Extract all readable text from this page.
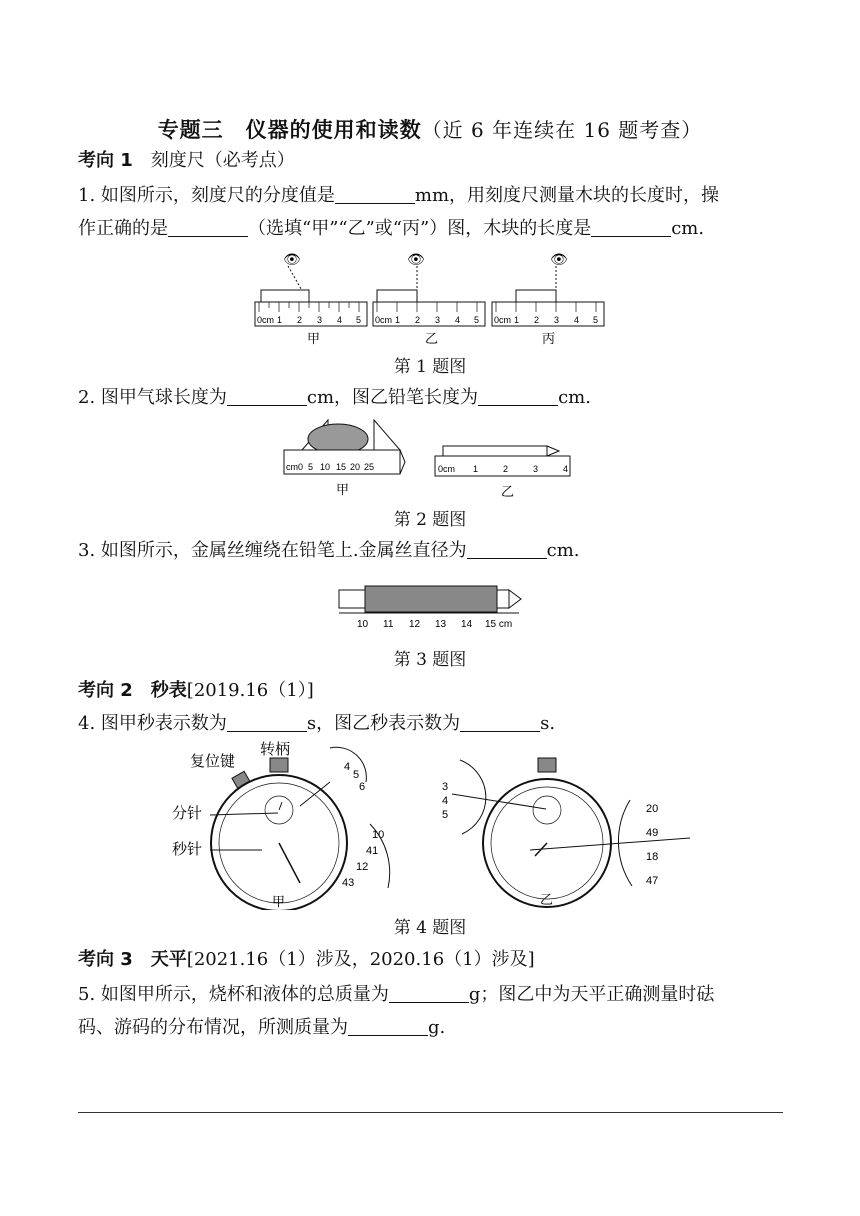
专题三　仪器的使用和读数（近 6 年连续在 16 题考查）
考向 1　 刻度尺（必考点）
1. 如图所示，刻度尺的分度值是	mm，用刻度尺测量木块的长度时，操
作正确的是	（选填“甲”“乙”或“丙”）图，木块的长度是	cm.
👁
0cm 1 2 3 4 5
甲
👁
0cm 1 2 3 4 5
乙
👁
0cm 1 2 3 4 5
丙
第 1 题图
2. 图甲气球长度为	cm，图乙铅笔长度为	cm.
cm0 5 10 15 20 25
甲
0cm 1	2	3	4
乙
第 2 题图
3. 如图所示，金属丝缠绕在铅笔上.金属丝直径为	cm.
10 11 12 13 14 15 cm
第 3 题图
考向 2　 秒表[2019.16（1）]
4. 图甲秒表示数为	s，图乙秒表示数为	s.
转柄
复位键
分针
秒针
4
5
6
10
41
12
43
甲
3
4
5	20
49
18
47
乙
第 4 题图
考向 3　 天平[2021.16（1）涉及，2020.16（1）涉及]
5. 如图甲所示，烧杯和液体的总质量为	g；图乙中为天平正确测量时砝
码、游码的分布情况，所测质量为	g.
